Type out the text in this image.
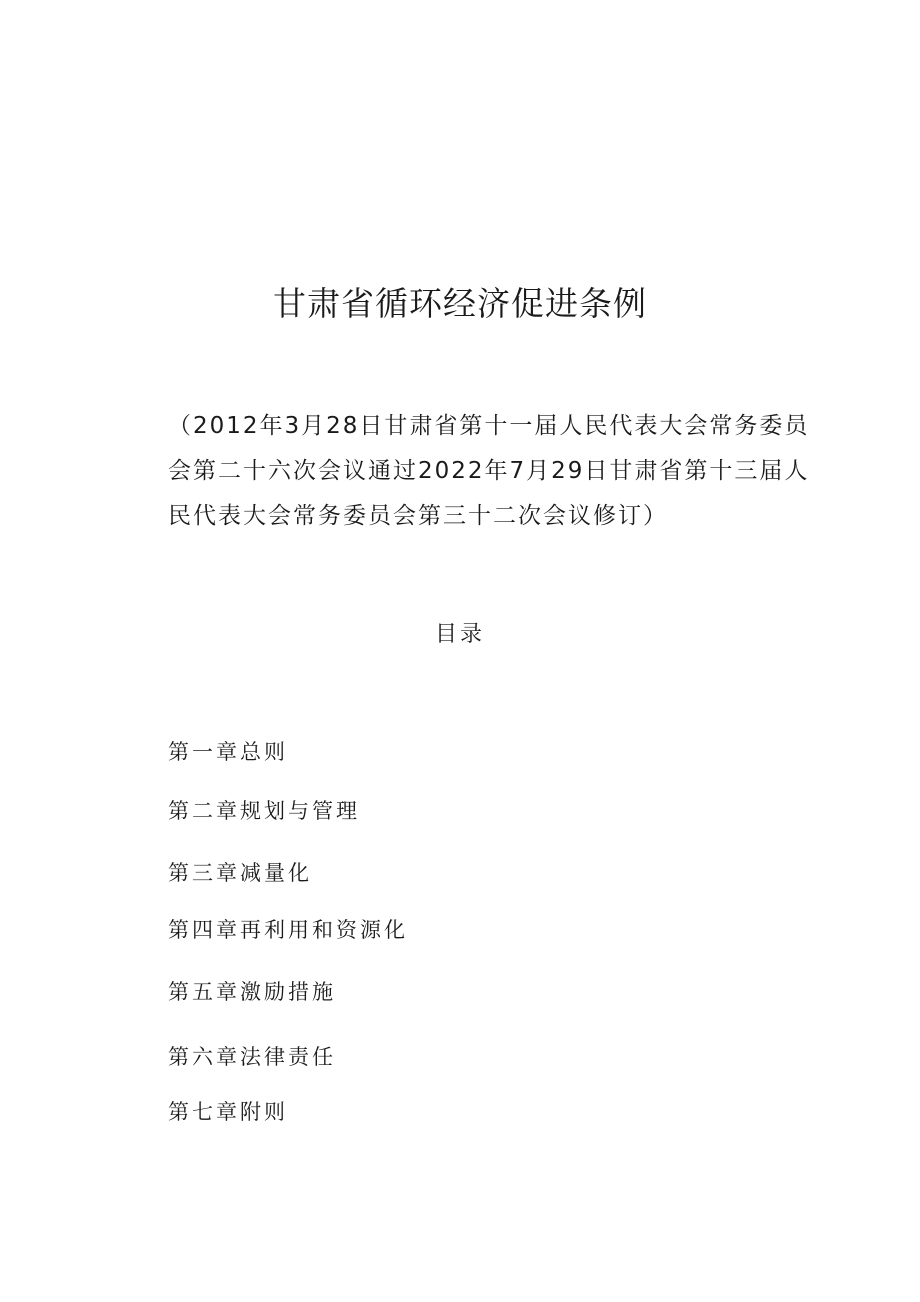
甘肃省循环经济促进条例

（2012年3月28日甘肃省第十一届人民代表大会常务委员会第二十六次会议通过2022年7月29日甘肃省第十三届人民代表大会常务委员会第三十二次会议修订）

目录
第一章总则
第二章规划与管理
第三章减量化
第四章再利用和资源化
第五章激励措施
第六章法律责任
第七章附则
